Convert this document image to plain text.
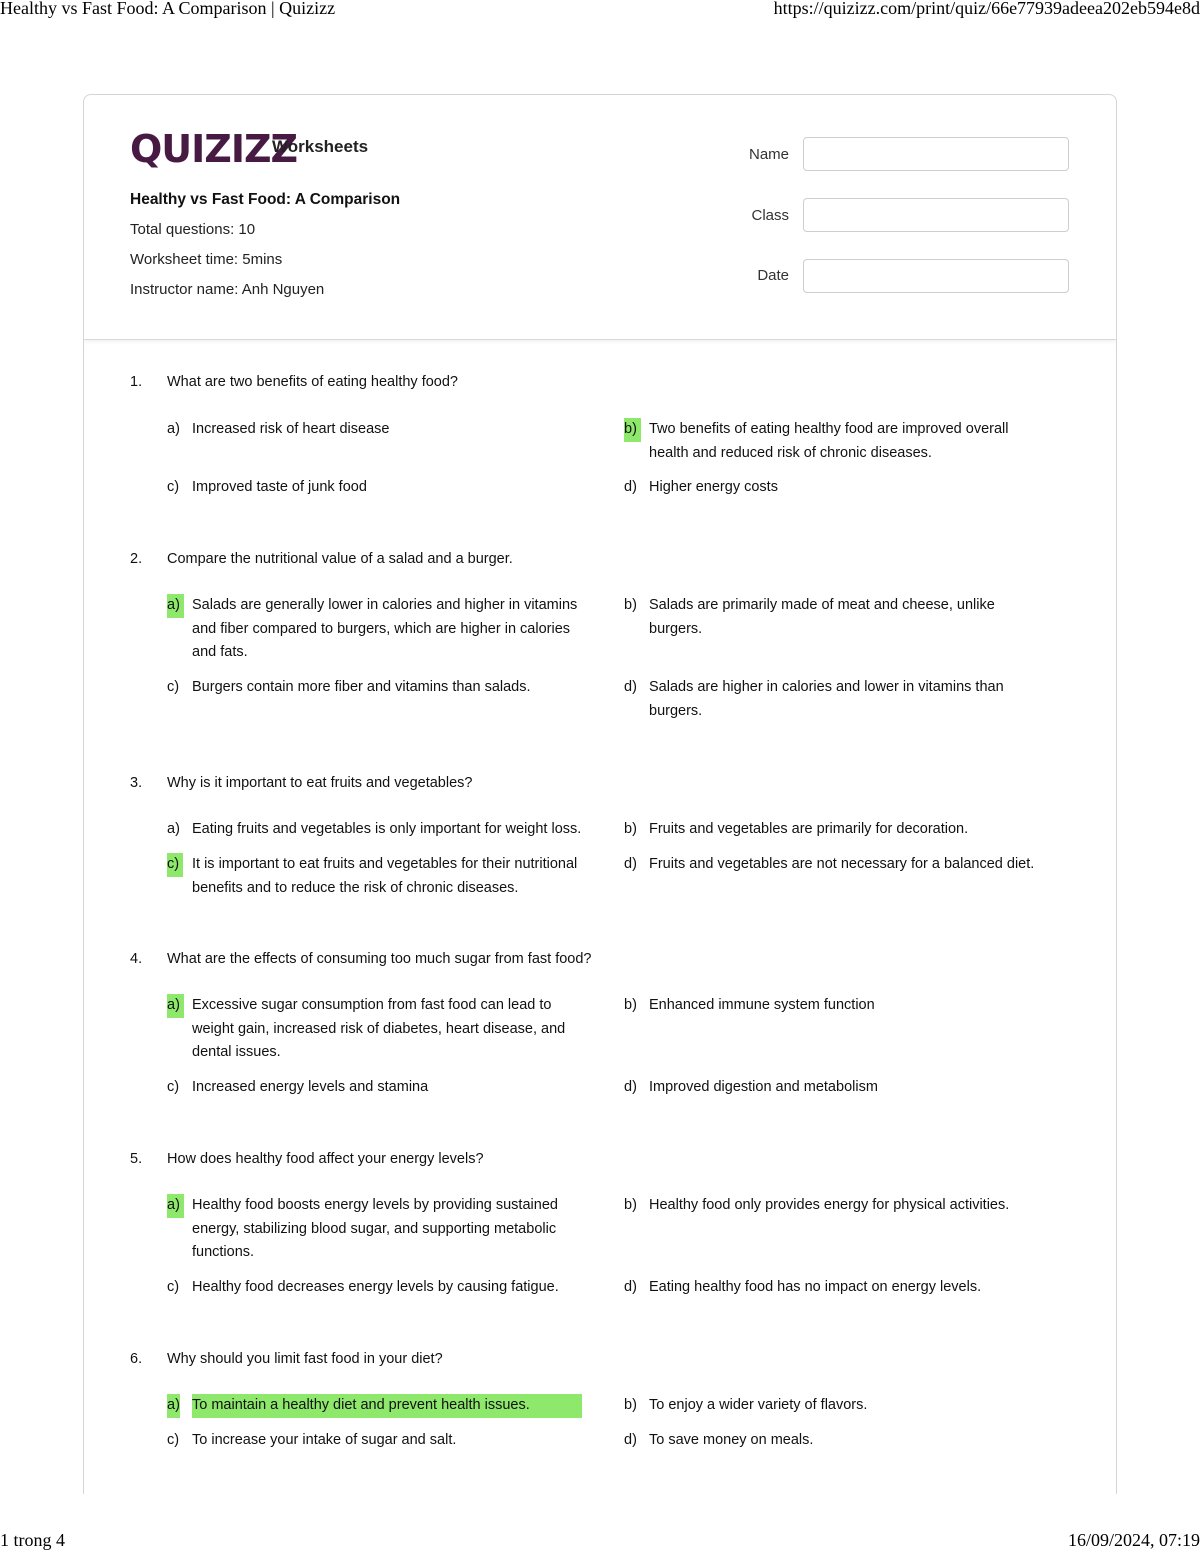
Healthy vs Fast Food: A Comparison | Quizizz	https://quizizz.com/print/quiz/66e77939adeea202eb594e8d
QUIZIZZ
Worksheets
Healthy vs Fast Food: A Comparison
Total questions: 10
Worksheet time: 5mins
Instructor name: Anh Nguyen
Name
Class
Date
1. What are two benefits of eating healthy food?
a) Increased risk of heart disease	b) Two benefits of eating healthy food are improved overall health and reduced risk of chronic diseases.
c) Improved taste of junk food	d) Higher energy costs
2. Compare the nutritional value of a salad and a burger.
a) Salads are generally lower in calories and higher in vitamins and fiber compared to burgers, which are higher in calories and fats.
b) Salads are primarily made of meat and cheese, unlike burgers.
c) Burgers contain more fiber and vitamins than salads.	d) Salads are higher in calories and lower in vitamins than burgers.
3. Why is it important to eat fruits and vegetables?
a) Eating fruits and vegetables is only important for weight loss.	b) Fruits and vegetables are primarily for decoration.
c) It is important to eat fruits and vegetables for their nutritional benefits and to reduce the risk of chronic diseases.
d) Fruits and vegetables are not necessary for a balanced diet.
4. What are the effects of consuming too much sugar from fast food?
a) Excessive sugar consumption from fast food can lead to weight gain, increased risk of diabetes, heart disease, and dental issues.
b) Enhanced immune system function
c) Increased energy levels and stamina	d) Improved digestion and metabolism
5. How does healthy food affect your energy levels?
a) Healthy food boosts energy levels by providing sustained energy, stabilizing blood sugar, and supporting metabolic functions.
b) Healthy food only provides energy for physical activities.
c) Healthy food decreases energy levels by causing fatigue.	d) Eating healthy food has no impact on energy levels.
6. Why should you limit fast food in your diet?
a) To maintain a healthy diet and prevent health issues.	b) To enjoy a wider variety of flavors.
c) To increase your intake of sugar and salt.	d) To save money on meals.
1 trong 4	16/09/2024, 07:19
